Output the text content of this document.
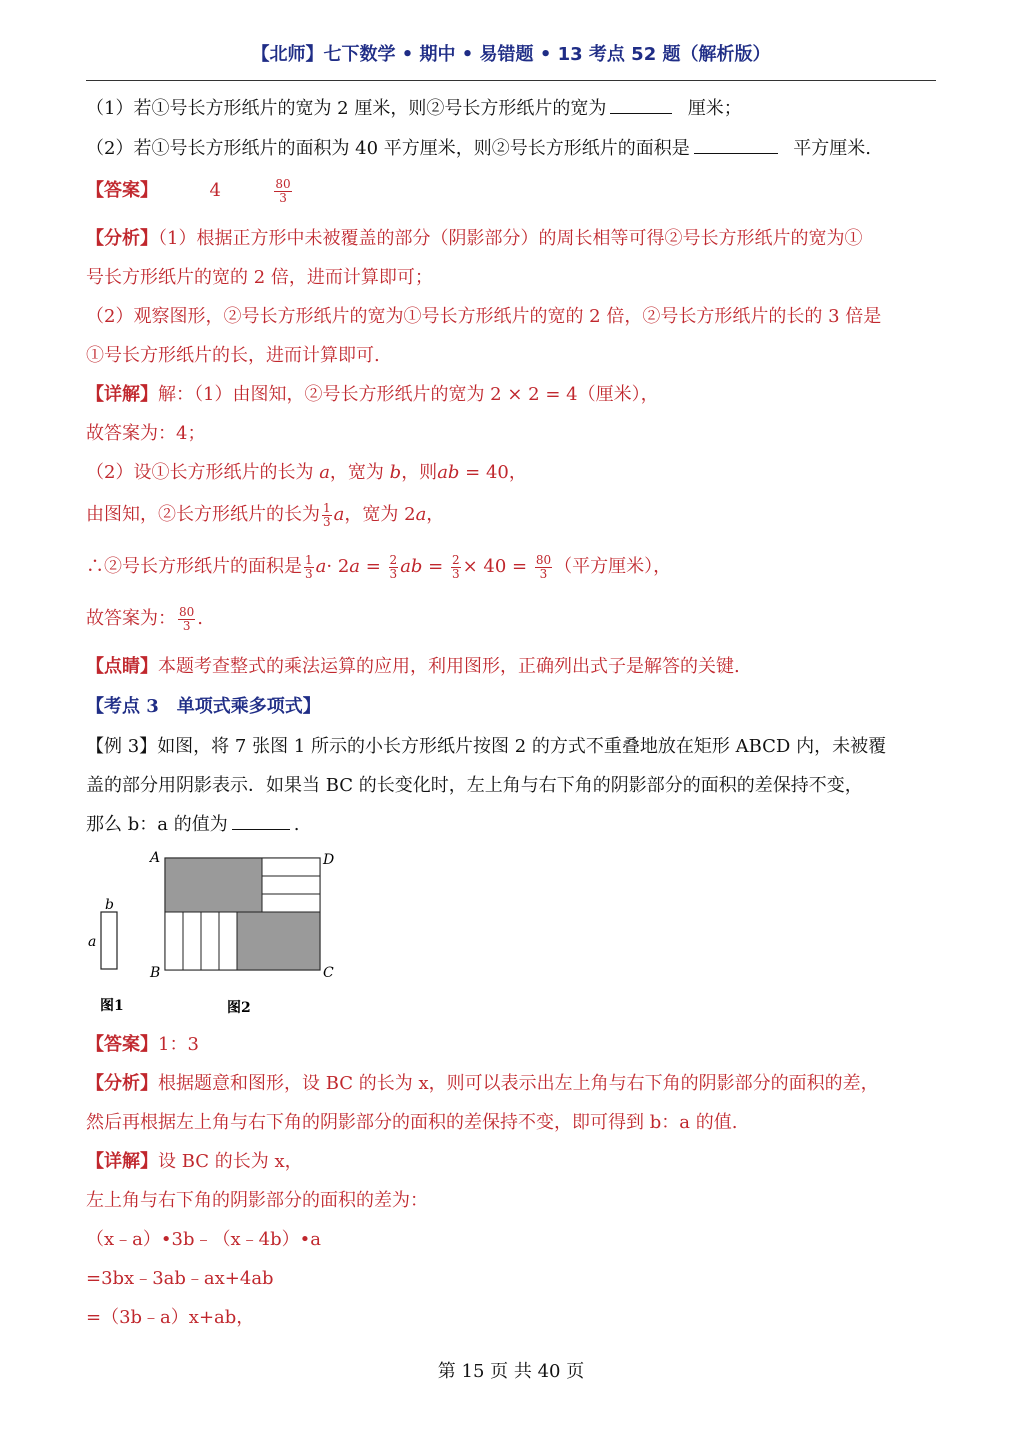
【北师】七下数学 • 期中 • 易错题 • 13 考点 52 题（解析版）
（1）若①号长方形纸片的宽为 2 厘米，则②号长方形纸片的宽为	厘米；
（2）若①号长方形纸片的面积为 40 平方厘米，则②号长方形纸片的面积是	平方厘米.
【答案】	4	$\frac{80}{3}$
【分析】（1）根据正方形中未被覆盖的部分（阴影部分）的周长相等可得②号长方形纸片的宽为①
号长方形纸片的宽的 2 倍，进而计算即可；
（2）观察图形，②号长方形纸片的宽为①号长方形纸片的宽的 2 倍，②号长方形纸片的长的 3 倍是
①号长方形纸片的长，进而计算即可.
【详解】解：（1）由图知，②号长方形纸片的宽为 2 × 2 = 4（厘米），
故答案为：4；
（2）设①长方形纸片的长为 a，宽为 b，则ab = 40，
由图知，②长方形纸片的长为 $\frac{1}{3}$ a，宽为 2a，
∴②号长方形纸片的面积是 $\frac{1}{3} a\cdot 2a = \frac{2}{3}$ ab = $\frac{2}{3} \times 40 = \frac{80}{3}$ （平方厘米），
故答案为： $\frac{80}{3}$ .
【点睛】本题考查整式的乘法运算的应用，利用图形，正确列出式子是解答的关键.
【考点 3　单项式乘多项式】
【例 3】如图，将 7 张图 1 所示的小长方形纸片按图 2 的方式不重叠地放在矩形 ABCD 内，未被覆
盖的部分用阴影表示．如果当 BC 的长变化时，左上角与右下角的阴影部分的面积的差保持不变，
那么 b：a 的值为	.
b
a
图1
A	D
B	C
图2
【答案】1：3
【分析】根据题意和图形，设 BC 的长为 x，则可以表示出左上角与右下角的阴影部分的面积的差，
然后再根据左上角与右下角的阴影部分的面积的差保持不变，即可得到 b：a 的值.
【详解】设 BC 的长为 x，
左上角与右下角的阴影部分的面积的差为：
（x﹣a）•3b﹣（x﹣4b）•a
=3bx﹣3ab﹣ax+4ab
=（3b﹣a）x+ab，
第 15 页 共 40 页
